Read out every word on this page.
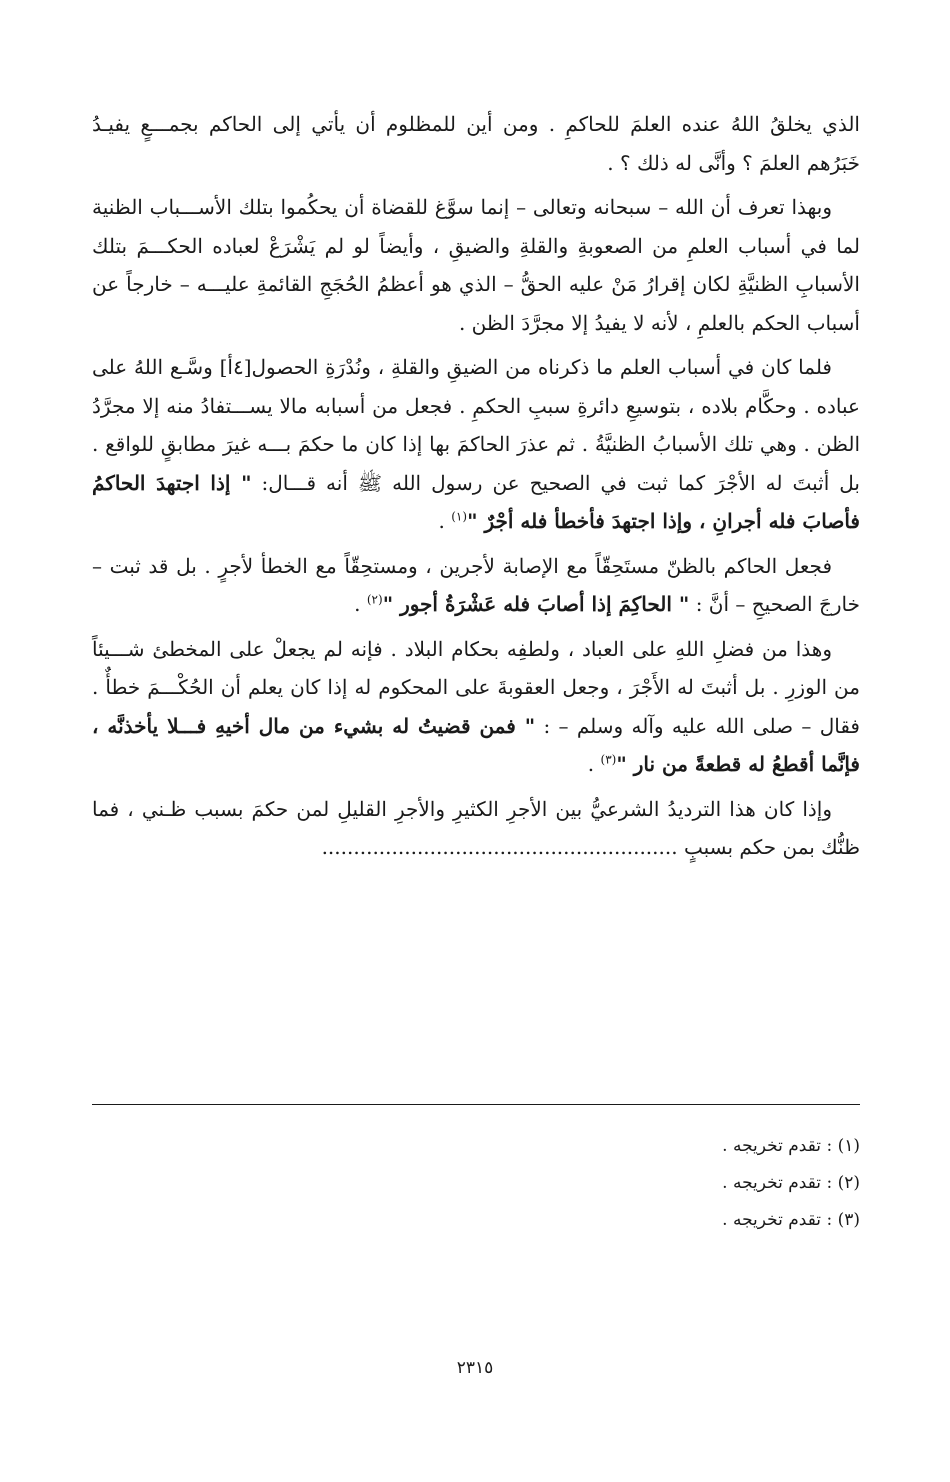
الذي يخلقُ اللهُ عنده العلمَ للحاكمِ . ومن أين للمظلوم أن يأتي إلى الحاكم بجمـــعٍ يفيـدُ خَبَرُهم العلمَ ؟ وأنَّى له ذلك ؟ .

وبهذا تعرف أن الله – سبحانه وتعالى – إنما سوَّغ للقضاة أن يحكُموا بتلك الأســـباب الظنية لما في أسباب العلمِ من الصعوبةِ والقلةِ والضيقِ ، وأيضاً لو لم يَشْرَعْ لعباده الحكـــمَ بتلك الأسبابِ الظنيَّةِ لكان إقرارُ مَنْ عليه الحقُّ – الذي هو أعظمُ الحُجَجِ القائمةِ عليـــه – خارجاً عن أسباب الحكم بالعلمِ ، لأنه لا يفيدُ إلا مجرَّدَ الظن .

فلما كان في أسباب العلم ما ذكرناه من الضيقِ والقلةِ ، ونُدْرَةِ الحصول[٤أ] وسَّـع اللهُ على عباده . وحكَّام بلاده ، بتوسيعِ دائرةِ سببِ الحكمِ . فجعل من أسبابه مالا يســـتفادُ منه إلا مجرَّدُ الظن . وهي تلك الأسبابُ الظنيَّةُ . ثم عذرَ الحاكمَ بها إذا كان ما حكمَ بـــه غيرَ مطابقٍ للواقع . بل أثبتَ له الأجْرَ كما ثبت في الصحيح عن رسول الله ﷺ أنه قـــال: " إذا اجتهدَ الحاكمُ فأصابَ فله أجرانِ ، وإذا اجتهدَ فأخطأ فله أجْرٌ "$^{(١)}$ .

فجعل الحاكم بالظنّ مستَحِقّاً مع الإصابة لأجرين ، ومستحِقّاً مع الخطأ لأجرٍ . بل قد ثبت – خارجَ الصحيحِ – أنَّ : " الحاكِمَ إذا أصابَ فله عَشْرَةُ أجور "$^{(٢)}$ .

وهذا من فضلِ اللهِ على العباد ، ولطفِه بحكام البلاد . فإنه لم يجعلْ على المخطئ شـــيئاً من الوزرِ . بل أثبتَ له الأَجْرَ ، وجعل العقوبةَ على المحكوم له إذا كان يعلم أن الحُكْـــمَ خطأٌ . فقال – صلى الله عليه وآله وسلم – : " فمن قضيتُ له بشيء من مال أخيهِ فـــلا يأخذنَّه ، فإنَّما أقطعُ له قطعةً من نار "$^{(٣)}$ .

وإذا كان هذا الترديدُ الشرعيُّ بين الأجرِ الكثيرِ والأجرِ القليلِ لمن حكمَ بسبب ظـني ، فما ظنُّك بمن حكم بسببٍ ........................................................

(١) : تقدم تخريجه .
(٢) : تقدم تخريجه .
(٣) : تقدم تخريجه .
٢٣١٥
